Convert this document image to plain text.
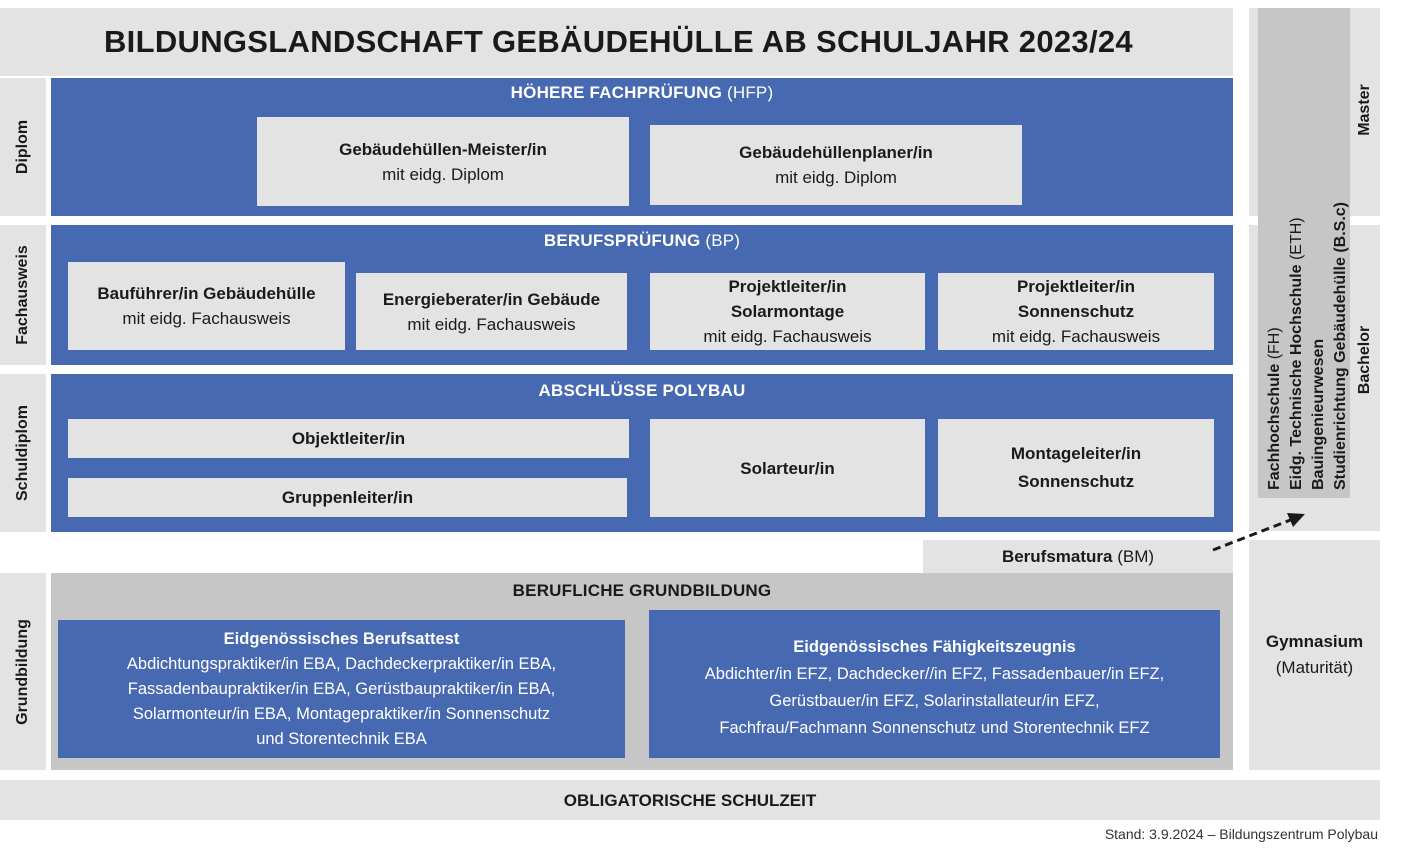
BILDUNGSLANDSCHAFT GEBÄUDEHÜLLE AB SCHULJAHR 2023/24
Diplom
Fachausweis
Schuldiplom
Grundbildung
HÖHERE FACHPRÜFUNG (HFP)
Gebäudehüllen-Meister/in
mit eidg. Diplom
Gebäudehüllenplaner/in
mit eidg. Diplom
BERUFSPRÜFUNG (BP)
Bauführer/in Gebäudehülle
mit eidg. Fachausweis
Energieberater/in Gebäude
mit eidg. Fachausweis
Projektleiter/in
Solarmontage
mit eidg. Fachausweis
Projektleiter/in
Sonnenschutz
mit eidg. Fachausweis
ABSCHLÜSSE POLYBAU
Objektleiter/in
Gruppenleiter/in
Solarteur/in
Montageleiter/in
Sonnenschutz
Berufsmatura
(BM)
BERUFLICHE GRUNDBILDUNG
Eidgenössisches Berufsattest
Abdichtungspraktiker/in EBA, Dachdeckerpraktiker/in EBA,
Fassadenbaupraktiker/in EBA, Gerüstbaupraktiker/in EBA,
Solarmonteur/in EBA, Montagepraktiker/in Sonnenschutz
und Storentechnik EBA
Eidgenössisches Fähigkeitszeugnis
Abdichter/in EFZ, Dachdecker//in EFZ, Fassadenbauer/in EFZ,
Gerüstbauer/in EFZ, Solarinstallateur/in EFZ,
Fachfrau/Fachmann Sonnenschutz und Storentechnik EFZ
OBLIGATORISCHE SCHULZEIT
Master
Bachelor
Fachhochschule (FH) Eidg. Technische Hochschule (ETH)
Bauingenieurwesen Studienrichtung Gebäudehülle (B.S.c)
Gymnasium
(Maturität)
Stand: 3.9.2024 – Bildungszentrum Polybau
